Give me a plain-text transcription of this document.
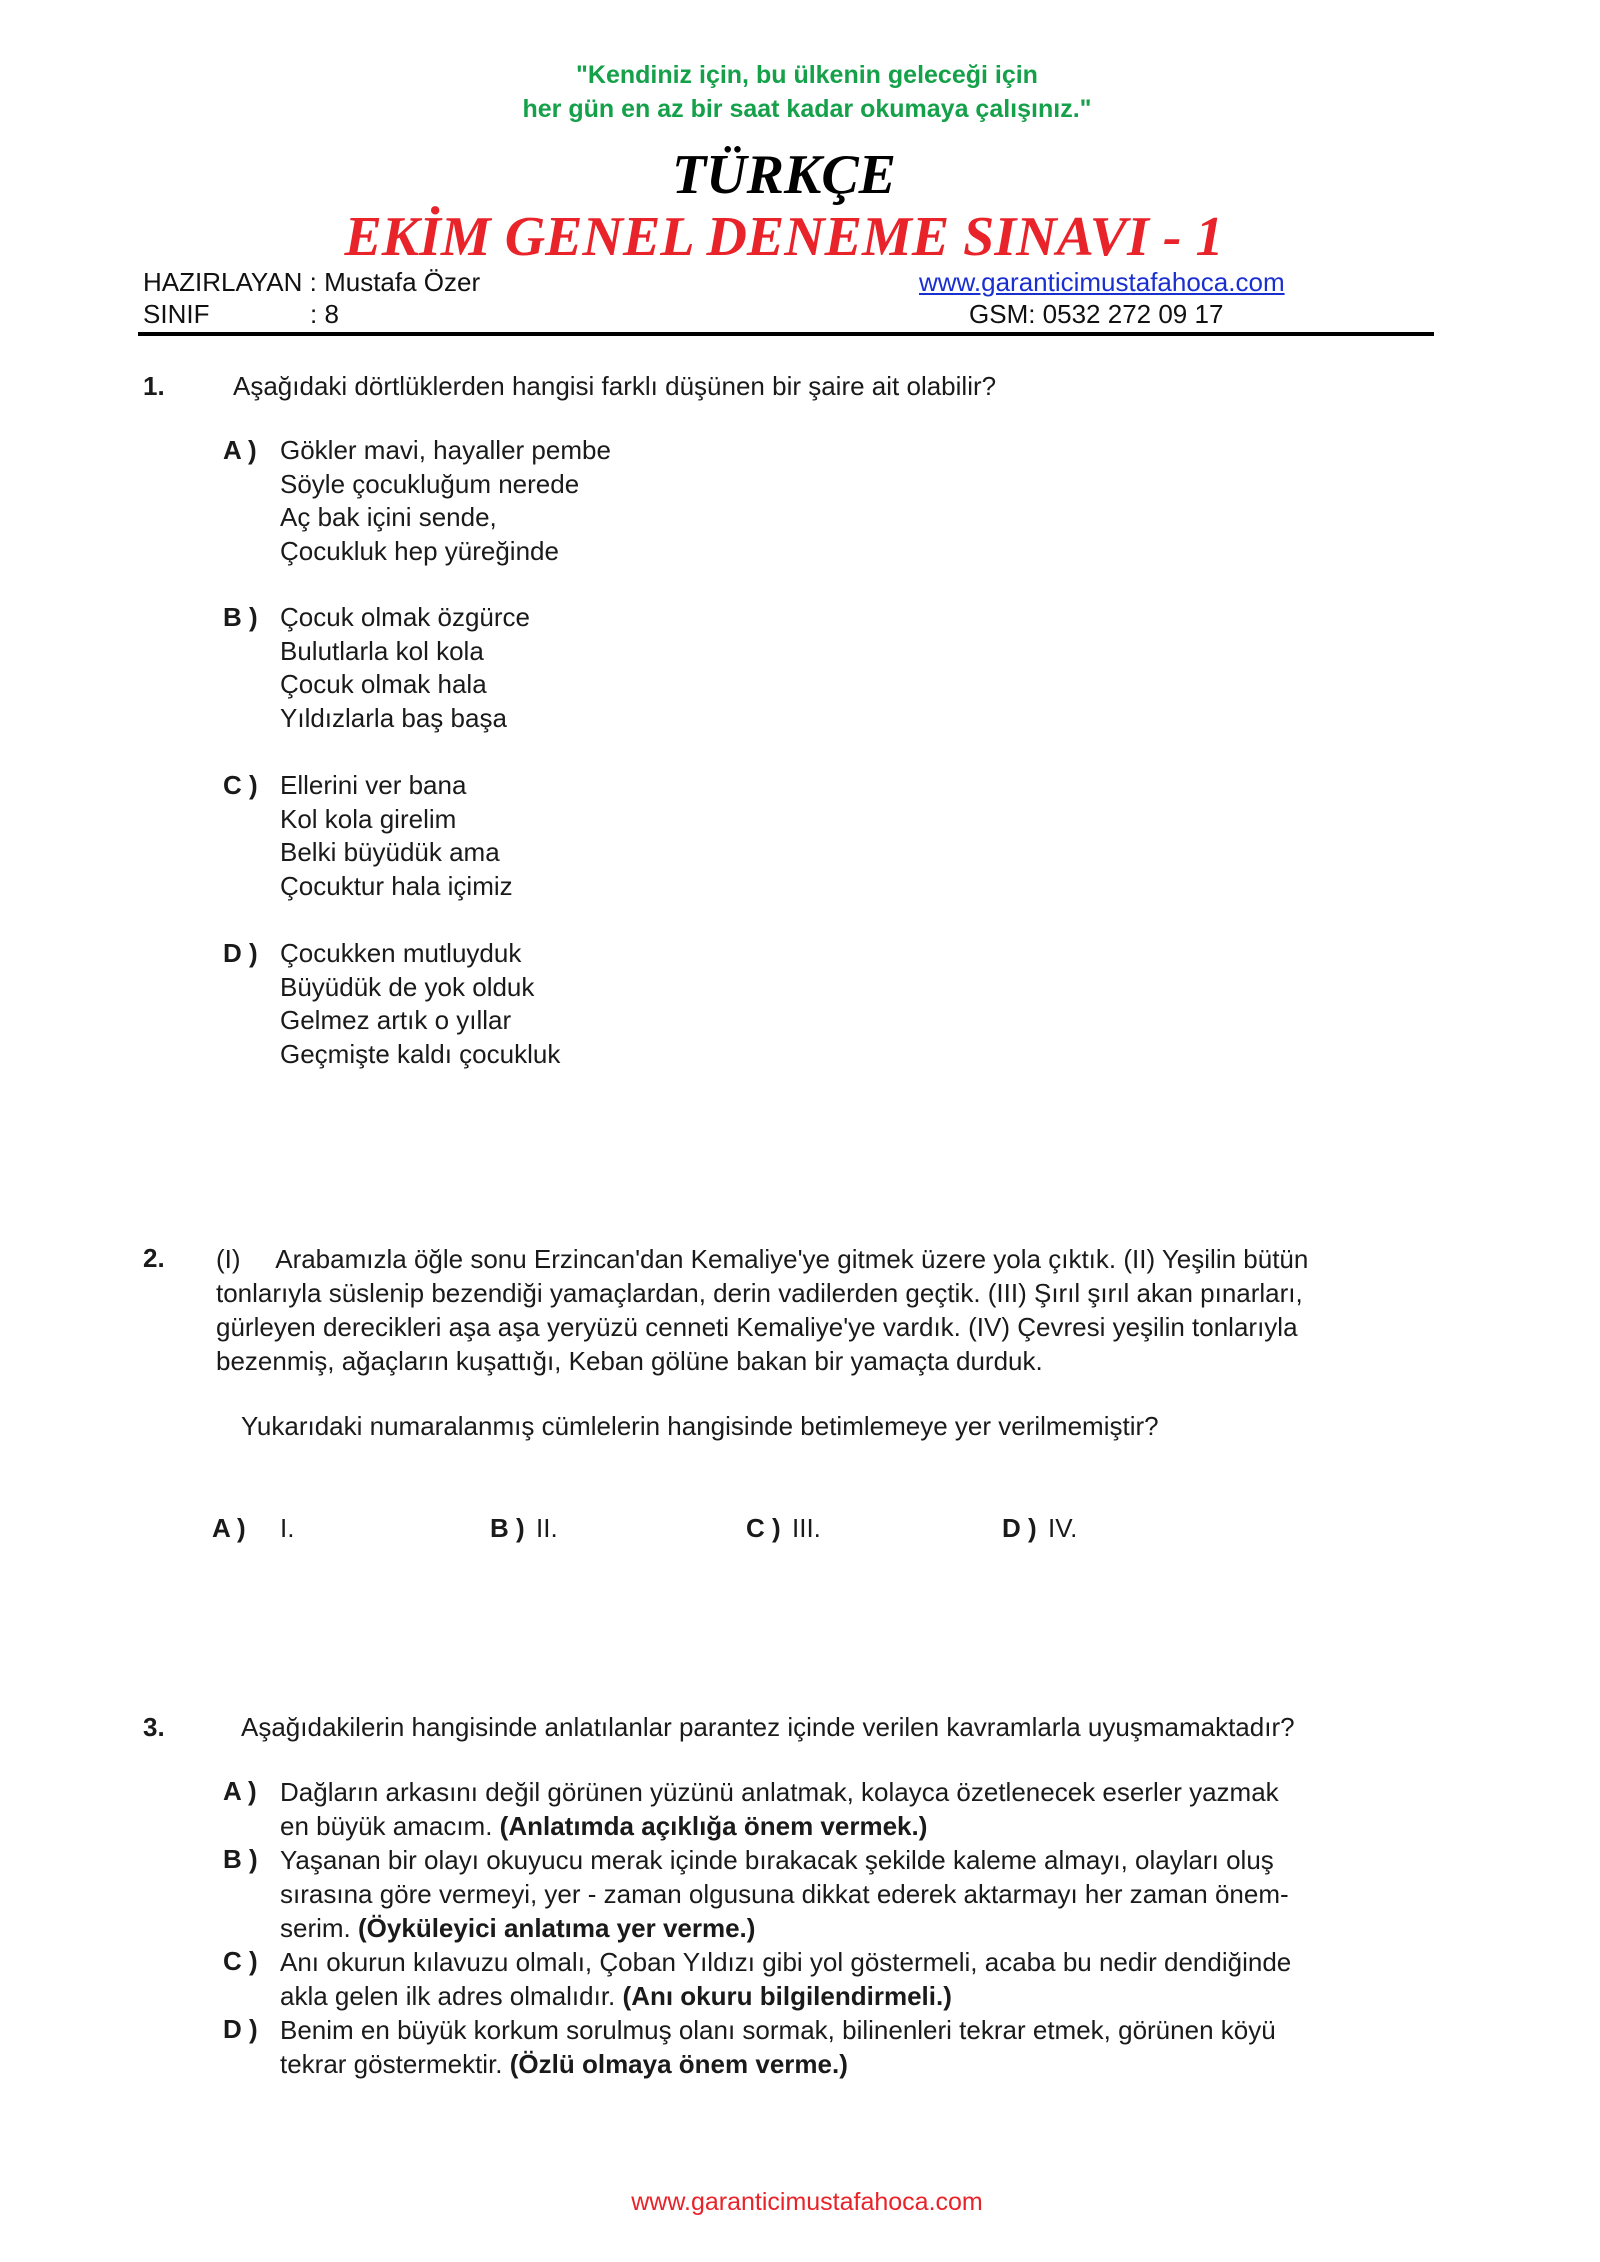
"Kendiniz için, bu ülkenin geleceği için
her gün en az bir saat kadar okumaya çalışınız."
TÜRKÇE
EKİM GENEL DENEME SINAVI - 1
HAZIRLAYAN : Mustafa Özer	www.garanticimustafahoca.com
SINIF	: 8	GSM: 0532 272 09 17
1.	Aşağıdaki dörtlüklerden hangisi farklı düşünen bir şaire ait olabilir?
A ) Gökler mavi, hayaller pembe
Söyle çocukluğum nerede
Aç bak içini sende,
Çocukluk hep yüreğinde
B ) Çocuk olmak özgürce
Bulutlarla kol kola
Çocuk olmak hala
Yıldızlarla baş başa
C ) Ellerini ver bana
Kol kola girelim
Belki büyüdük ama
Çocuktur hala içimiz
D ) Çocukken mutluyduk
Büyüdük de yok olduk
Gelmez artık o yıllar
Geçmişte kaldı çocukluk
2. (I)     Arabamızla öğle sonu Erzincan'dan Kemaliye'ye gitmek üzere yola çıktık. (II) Yeşilin bütün
tonlarıyla süslenip bezendiği yamaçlardan, derin vadilerden geçtik. (III) Şırıl şırıl akan pınarları,
gürleyen derecikleri aşa aşa yeryüzü cenneti Kemaliye'ye vardık. (IV) Çevresi yeşilin tonlarıyla
bezenmiş, ağaçların kuşattığı, Keban gölüne bakan bir yamaçta durduk.
Yukarıdaki numaralanmış cümlelerin hangisinde betimlemeye yer verilmemiştir?
A ) I.	B ) II.	C ) III.	D ) IV.
3.	Aşağıdakilerin hangisinde anlatılanlar parantez içinde verilen kavramlarla uyuşmamaktadır?
A ) Dağların arkasını değil görünen yüzünü anlatmak, kolayca özetlenecek eserler yazmak
en büyük amacım. (Anlatımda açıklığa önem vermek.)
B ) Yaşanan bir olayı okuyucu merak içinde bırakacak şekilde kaleme almayı, olayları oluş
sırasına göre vermeyi, yer - zaman olgusuna dikkat ederek aktarmayı her zaman önem-
serim. (Öyküleyici anlatıma yer verme.)
C ) Anı okurun kılavuzu olmalı, Çoban Yıldızı gibi yol göstermeli, acaba bu nedir dendiğinde
akla gelen ilk adres olmalıdır. (Anı okuru bilgilendirmeli.)
D ) Benim en büyük korkum sorulmuş olanı sormak, bilinenleri tekrar etmek, görünen köyü
tekrar göstermektir. (Özlü olmaya önem verme.)
www.garanticimustafahoca.com
